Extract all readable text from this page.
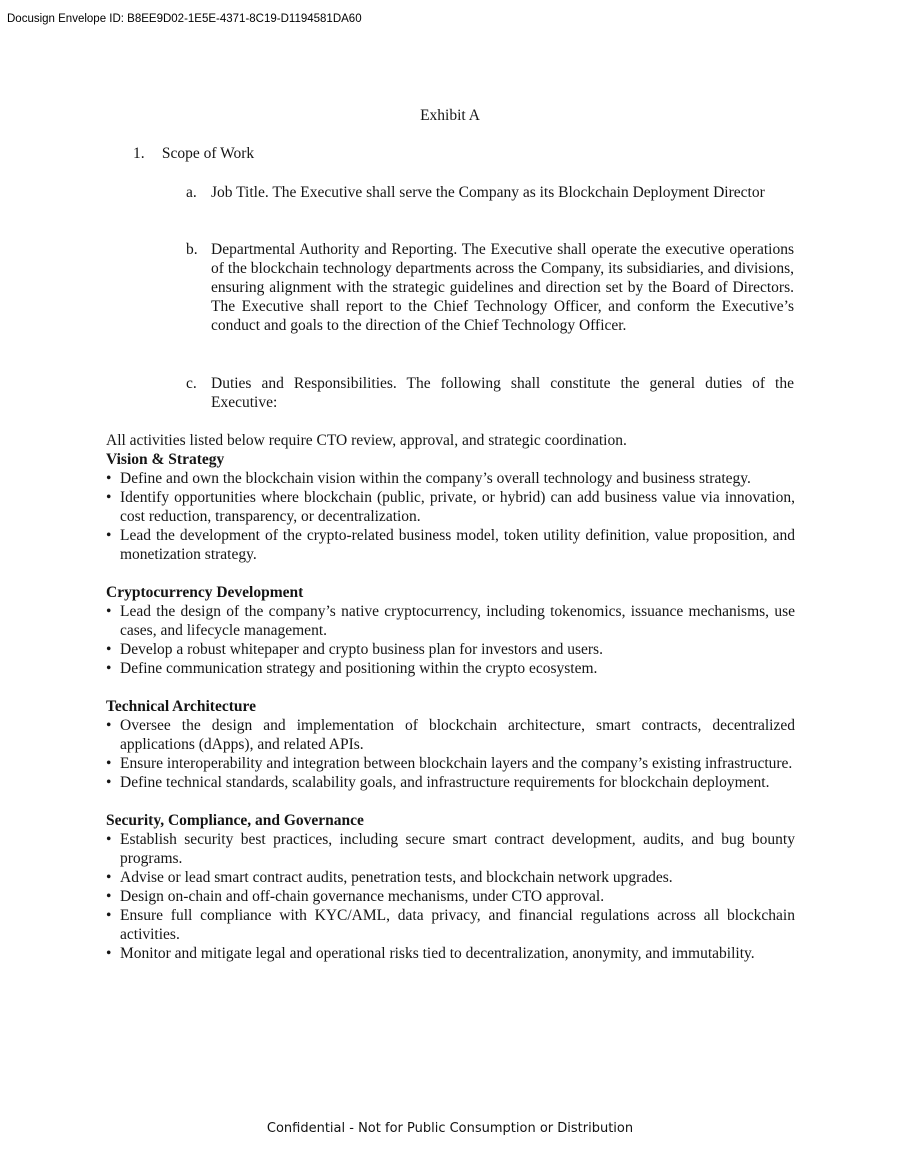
Docusign Envelope ID: B8EE9D02-1E5E-4371-8C19-D1194581DA60
Exhibit A
1. Scope of Work
a. Job Title. The Executive shall serve the Company as its Blockchain Deployment Director
b. Departmental Authority and Reporting. The Executive shall operate the executive operations of the blockchain technology departments across the Company, its subsidiaries, and divisions, ensuring alignment with the strategic guidelines and direction set by the Board of Directors. The Executive shall report to the Chief Technology Officer, and conform the Executive’s conduct and goals to the direction of the Chief Technology Officer.
c. Duties and Responsibilities. The following shall constitute the general duties of the Executive:

All activities listed below require CTO review, approval, and strategic coordination.

Vision & Strategy

• Define and own the blockchain vision within the company’s overall technology and business strategy.
• Identify opportunities where blockchain (public, private, or hybrid) can add business value via innovation, cost reduction, transparency, or decentralization.
• Lead the development of the crypto-related business model, token utility definition, value proposition, and monetization strategy.

Cryptocurrency Development

• Lead the design of the company’s native cryptocurrency, including tokenomics, issuance mechanisms, use cases, and lifecycle management.
• Develop a robust whitepaper and crypto business plan for investors and users.
• Define communication strategy and positioning within the crypto ecosystem.

Technical Architecture

• Oversee the design and implementation of blockchain architecture, smart contracts, decentralized applications (dApps), and related APIs.
• Ensure interoperability and integration between blockchain layers and the company’s existing infrastructure.
• Define technical standards, scalability goals, and infrastructure requirements for blockchain deployment.

Security, Compliance, and Governance

• Establish security best practices, including secure smart contract development, audits, and bug bounty programs.
• Advise or lead smart contract audits, penetration tests, and blockchain network upgrades.
• Design on-chain and off-chain governance mechanisms, under CTO approval.
• Ensure full compliance with KYC/AML, data privacy, and financial regulations across all blockchain activities.
• Monitor and mitigate legal and operational risks tied to decentralization, anonymity, and immutability.
Confidential - Not for Public Consumption or Distribution
